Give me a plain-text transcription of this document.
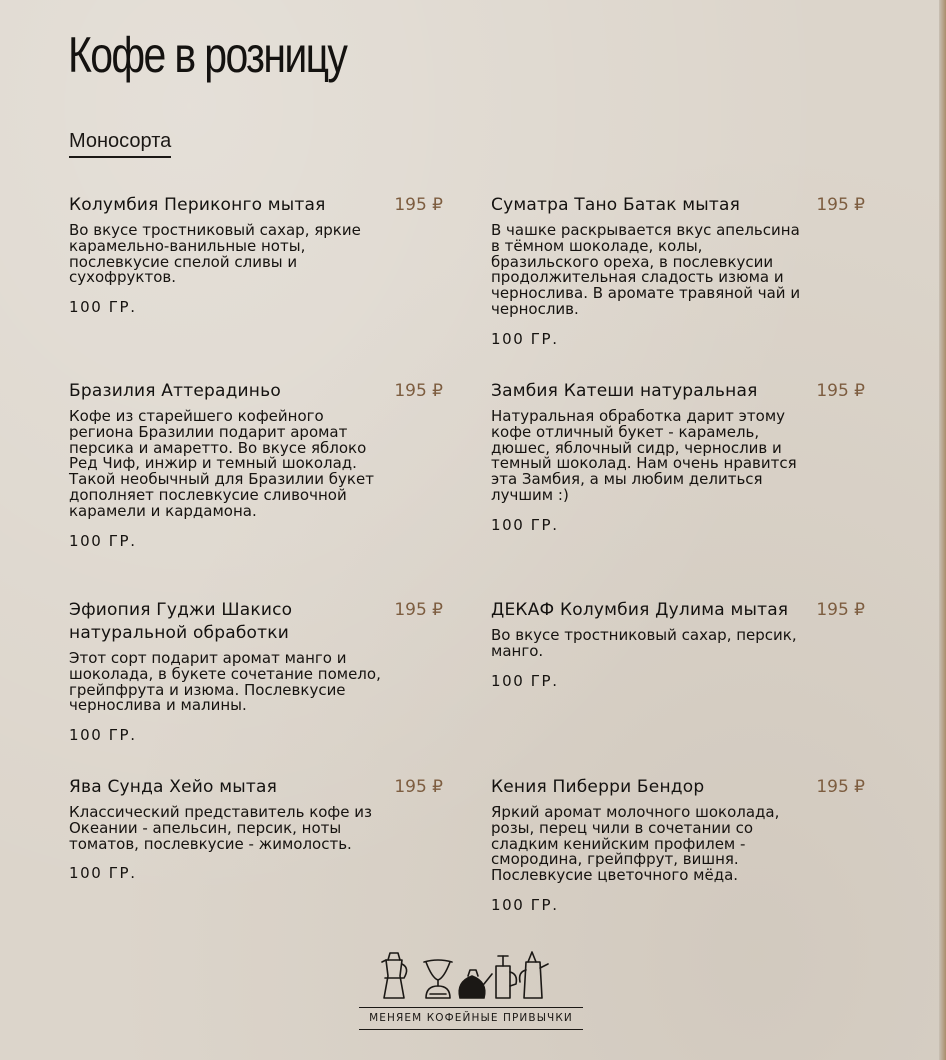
Кофе в розницу
Моносорта
Колумбия Периконго мытая	195 ₽
Во вкусе тростниковый сахар, яркие карамельно-ванильные ноты, послевкусие спелой сливы и сухофруктов.
100 ГР.
Суматра Тано Батак мытая	195 ₽
В чашке раскрывается вкус апельсина в тёмном шоколаде, колы, бразильского ореха, в послевкусии продолжительная сладость изюма и чернослива. В аромате травяной чай и чернослив.
100 ГР.
Бразилия Аттерадиньо	195 ₽
Кофе из старейшего кофейного региона Бразилии подарит аромат персика и амаретто. Во вкусе яблоко Ред Чиф, инжир и темный шоколад. Такой необычный для Бразилии букет дополняет послевкусие сливочной карамели и кардамона.
100 ГР.
Замбия Катеши натуральная	195 ₽
Натуральная обработка дарит этому кофе отличный букет - карамель, дюшес, яблочный сидр, чернослив и темный шоколад. Нам очень нравится эта Замбия, а мы любим делиться лучшим :)
100 ГР.
Эфиопия Гуджи Шакисо натуральной обработки
195 ₽
Этот сорт подарит аромат манго и шоколада, в букете сочетание помело, грейпфрута и изюма. Послевкусие чернослива и малины.
100 ГР.
ДЕКАФ Колумбия Дулима мытая	195 ₽
Во вкусе тростниковый сахар, персик, манго.
100 ГР.
Ява Сунда Хейо мытая	195 ₽
Классический представитель кофе из Океании - апельсин, персик, ноты томатов, послевкусие - жимолость.
100 ГР.
Кения Пиберри Бендор	195 ₽
Яркий аромат молочного шоколада, розы, перец чили в сочетании со сладким кенийским профилем - смородина, грейпфрут, вишня. Послевкусие цветочного мёда.
100 ГР.
МЕНЯЕМ КОФЕЙНЫЕ ПРИВЫЧКИ
